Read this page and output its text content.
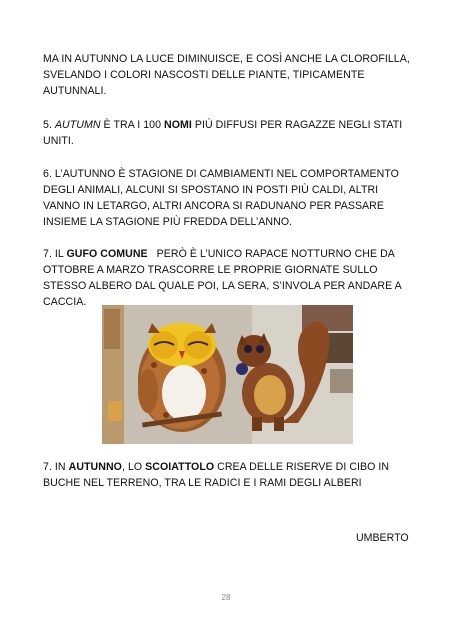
MA IN AUTUNNO LA LUCE DIMINUISCE, E COSÌ ANCHE LA CLOROFILLA, SVELANDO I COLORI NASCOSTI DELLE PIANTE, TIPICAMENTE AUTUNNALI.

5. AUTUMN È TRA I 100 NOMI PIÙ DIFFUSI PER RAGAZZE NEGLI STATI UNITI.

6. L’AUTUNNO È STAGIONE DI CAMBIAMENTI NEL COMPORTAMENTO DEGLI ANIMALI, ALCUNI SI SPOSTANO IN POSTI PIÙ CALDI, ALTRI VANNO IN LETARGO, ALTRI ANCORA SI RADUNANO PER PASSARE INSIEME LA STAGIONE PIÙ FREDDA DELL’ANNO.

7. IL GUFO COMUNE   PERÒ È L’UNICO RAPACE NOTTURNO CHE DA OTTOBRE A MARZO TRASCORRE LE PROPRIE GIORNATE SULLO STESSO ALBERO DAL QUALE POI, LA SERA, S’INVOLA PER ANDARE A CACCIA.

7. IN AUTUNNO, LO SCOIATTOLO CREA DELLE RISERVE DI CIBO IN BUCHE NEL TERRENO, TRA LE RADICI E I RAMI DEGLI ALBERI

UMBERTO
28
